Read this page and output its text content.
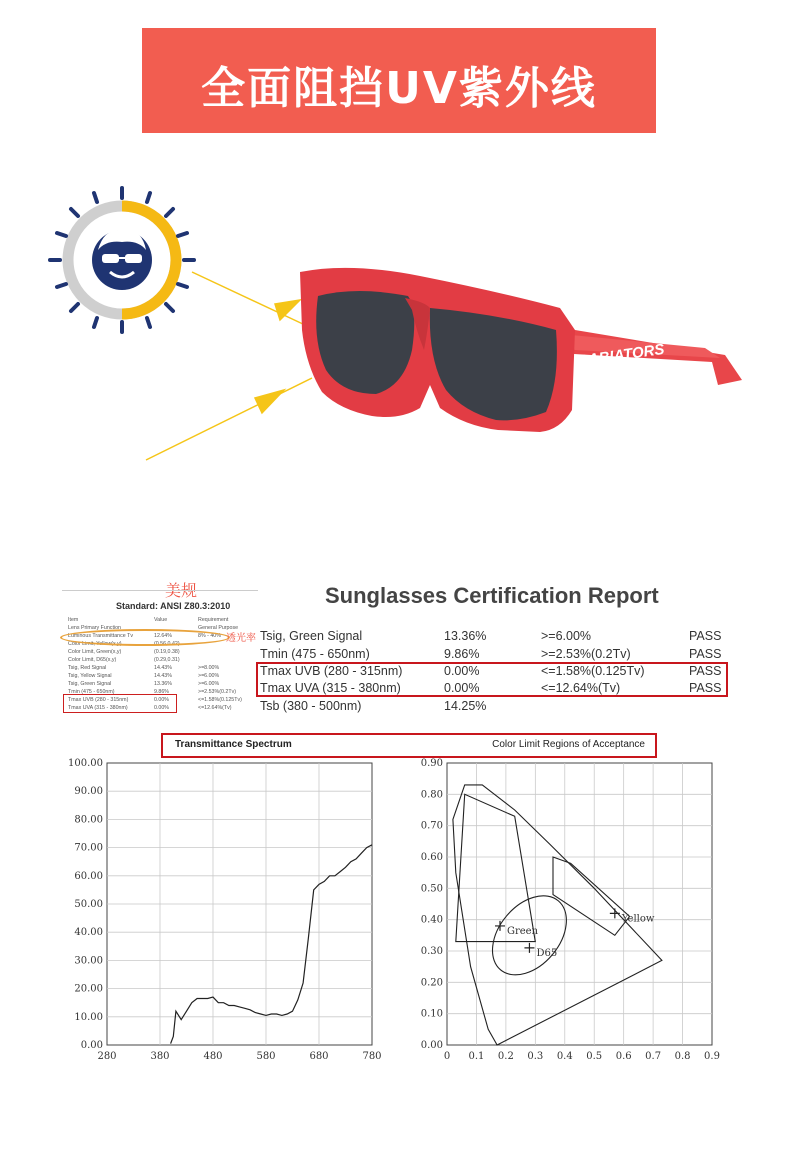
全面阻挡UV紫外线
BABIATORS
美规
Standard: ANSI Z80.3:2010
Item	Value	Requirement
Lens Primary Function	General Purpose
Luminous Transmittance Tv	12.64%	8% - 40%
Color Limit, Yellow(x,y)	(0.56,0.42)
Color Limit, Green(x,y)	(0.19,0.38)
Color Limit, D65(x,y)	(0.29,0.31)
Tsig, Red Signal	14.43%	>=8.00%
Tsig, Yellow Signal	14.43%	>=6.00%
Tsig, Green Signal	13.36%	>=6.00%
Tmin (475 - 650nm)	9.86%	>=2.53%(0.2Tv)
Tmax UVB (280 - 315nm)	0.00%	<=1.58%(0.125Tv)
Tmax UVA (315 - 380nm)	0.00%	<=12.64%(Tv)
透光率
Sunglasses Certification Report
Tsig, Green Signal	13.36%	>=6.00%	PASS
Tmin (475 - 650nm)	9.86%	>=2.53%(0.2Tv)	PASS
Tmax UVB (280 - 315nm)	0.00%	<=1.58%(0.125Tv)	PASS
Tmax UVA (315 - 380nm)	0.00%	<=12.64%(Tv)	PASS
Tsb (380 - 500nm)	14.25%
Transmittance Spectrum	Color Limit Regions of Acceptance
280	380	480	580	680	780
0.00
10.00
20.00
30.00
40.00
50.00
60.00
70.00
80.00
90.00
100.00
0 0.1 0.2 0.3 0.4 0.5 0.6 0.7 0.8 0.9
0.00
0.10
0.20
0.30
0.40
0.50
0.60
0.70
0.80
0.90
Green
D65
Yellow
